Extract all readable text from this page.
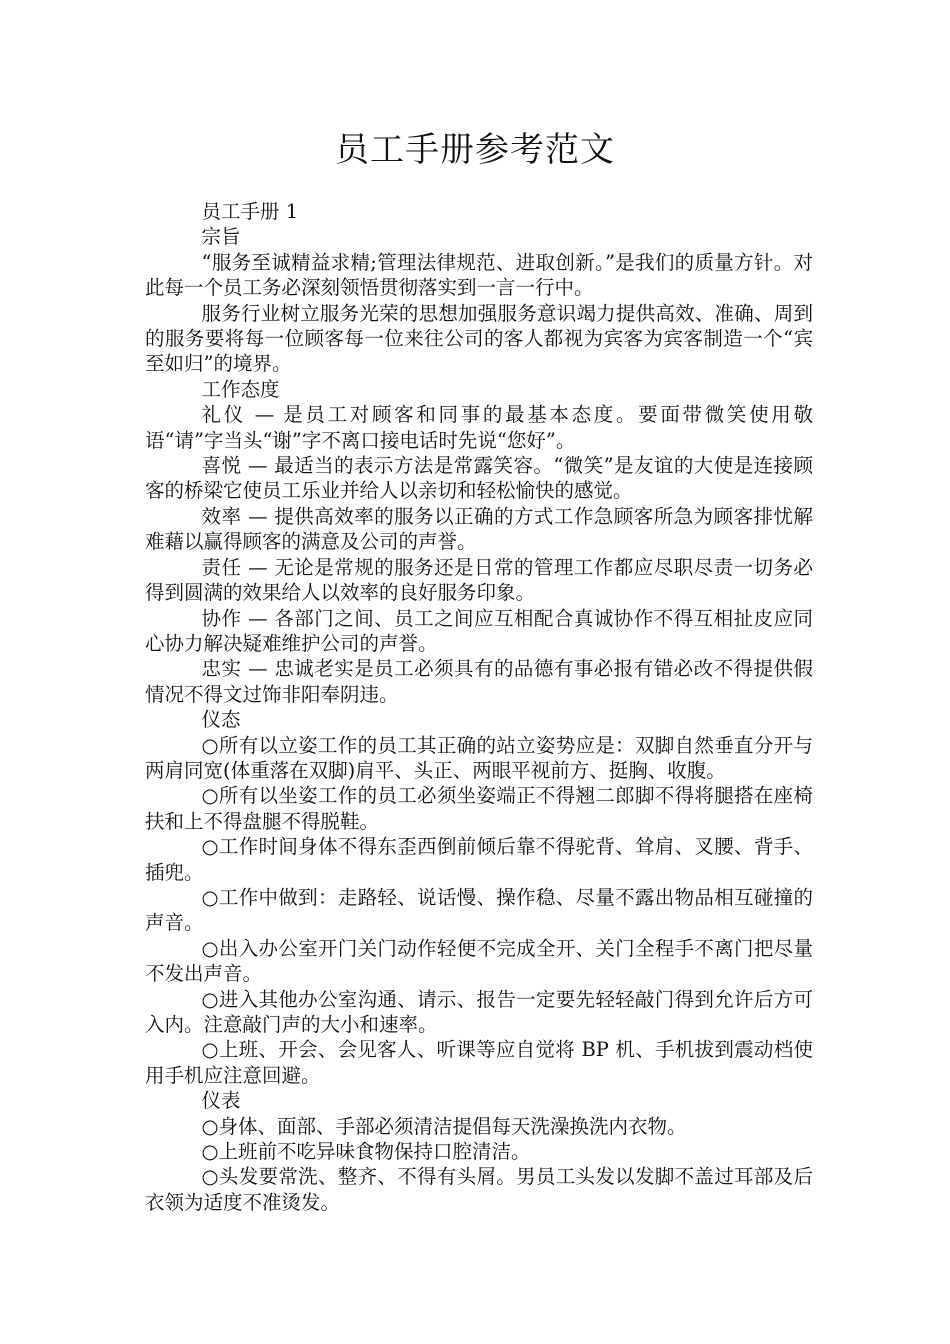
员工手册参考范文

员工手册 1

宗旨

“服务至诚精益求精;管理法律规范、进取创新。”是我们的质量方针。对此每一个员工务必深刻领悟贯彻落实到一言一行中。

服务行业树立服务光荣的思想加强服务意识竭力提供高效、准确、周到的服务要将每一位顾客每一位来往公司的客人都视为宾客为宾客制造一个“宾至如归”的境界。

工作态度

礼仪 — 是员工对顾客和同事的最基本态度。要面带微笑使用敬语“请”字当头“谢”字不离口接电话时先说“您好”。

喜悦 — 最适当的表示方法是常露笑容。“微笑”是友谊的大使是连接顾客的桥梁它使员工乐业并给人以亲切和轻松愉快的感觉。

效率 — 提供高效率的服务以正确的方式工作急顾客所急为顾客排忧解难藉以赢得顾客的满意及公司的声誉。

责任 — 无论是常规的服务还是日常的管理工作都应尽职尽责一切务必得到圆满的效果给人以效率的良好服务印象。

协作 — 各部门之间、员工之间应互相配合真诚协作不得互相扯皮应同心协力解决疑难维护公司的声誉。

忠实 — 忠诚老实是员工必须具有的品德有事必报有错必改不得提供假情况不得文过饰非阳奉阴违。

仪态

○所有以立姿工作的员工其正确的站立姿势应是：双脚自然垂直分开与两肩同宽(体重落在双脚)肩平、头正、两眼平视前方、挺胸、收腹。

○所有以坐姿工作的员工必须坐姿端正不得翘二郎脚不得将腿搭在座椅扶和上不得盘腿不得脱鞋。

○工作时间身体不得东歪西倒前倾后靠不得驼背、耸肩、叉腰、背手、插兜。

○工作中做到：走路轻、说话慢、操作稳、尽量不露出物品相互碰撞的声音。

○出入办公室开门关门动作轻便不完成全开、关门全程手不离门把尽量不发出声音。

○进入其他办公室沟通、请示、报告一定要先轻轻敲门得到允许后方可入内。注意敲门声的大小和速率。

○上班、开会、会见客人、听课等应自觉将 BP 机、手机拔到震动档使用手机应注意回避。

仪表

○身体、面部、手部必须清洁提倡每天洗澡换洗内衣物。

○上班前不吃异味食物保持口腔清洁。

○头发要常洗、整齐、不得有头屑。男员工头发以发脚不盖过耳部及后衣领为适度不准烫发。
